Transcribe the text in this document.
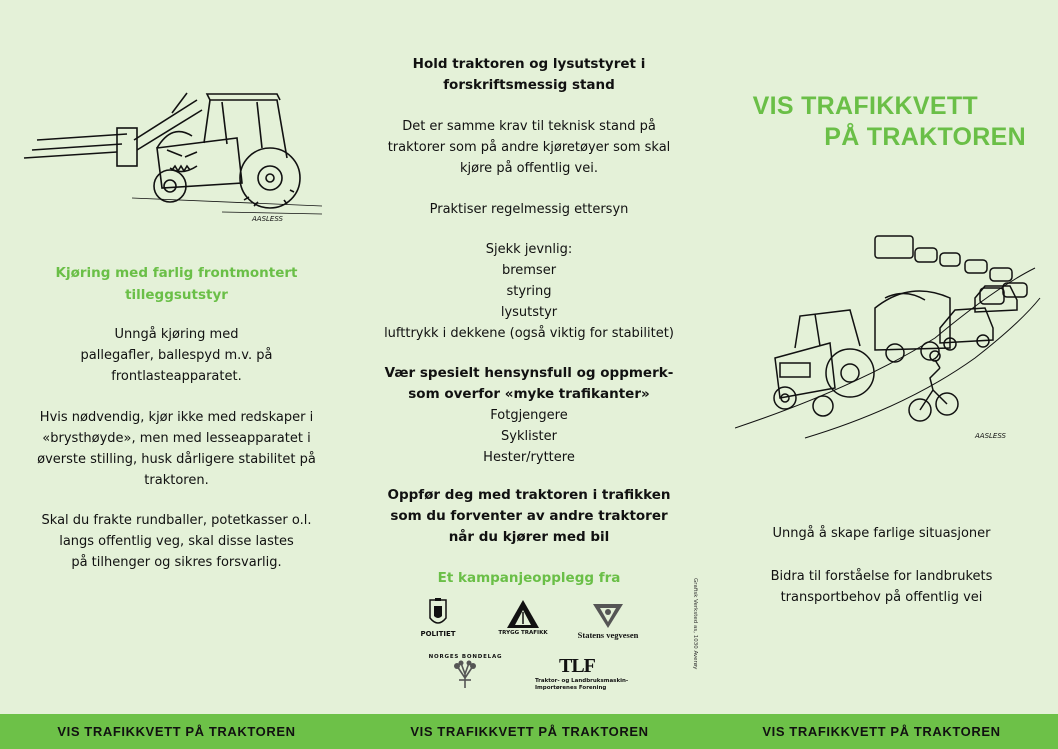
AASLESS
Kjøring med farlig frontmontert
tilleggsutstyr
Unngå kjøring med
pallegafler, ballespyd m.v. på
frontlasteapparatet.
Hvis nødvendig, kjør ikke med redskaper i
«brysthøyde», men med lesseapparatet i
øverste stilling, husk dårligere stabilitet på
traktoren.
Skal du frakte rundballer, potetkasser o.l.
langs offentlig veg, skal disse lastes
på tilhenger og sikres forsvarlig.
Hold traktoren og lysutstyret i
forskriftsmessig stand
Det er samme krav til teknisk stand på
traktorer som på andre kjøretøyer som skal
kjøre på offentlig vei.
Praktiser regelmessig ettersyn
Sjekk jevnlig:
bremser
styring
lysutstyr
lufttrykk i dekkene (også viktig for stabilitet)
Vær spesielt hensynsfull og oppmerk-
som overfor «myke trafikanter»
Fotgjengere
Syklister
Hester/ryttere
Oppfør deg med traktoren i trafikken
som du forventer av andre traktorer
når du kjører med bil
Et kampanjeopplegg fra	Grafisk Verksted as, 1030 Averøy
POLITIET	TRYGG TRAFIKK	Statens vegvesen
NORGES BONDELAG	TLF
Traktor- og Landbruksmaskin-
Importørenes Forening
VIS TRAFIKKVETT
PÅ TRAKTOREN
AASLESS
Unngå å skape farlige situasjoner
Bidra til forståelse for landbrukets
transportbehov på offentlig vei
VIS TRAFIKKVETT PÅ TRAKTOREN	VIS TRAFIKKVETT PÅ TRAKTOREN	VIS TRAFIKKVETT PÅ TRAKTOREN
